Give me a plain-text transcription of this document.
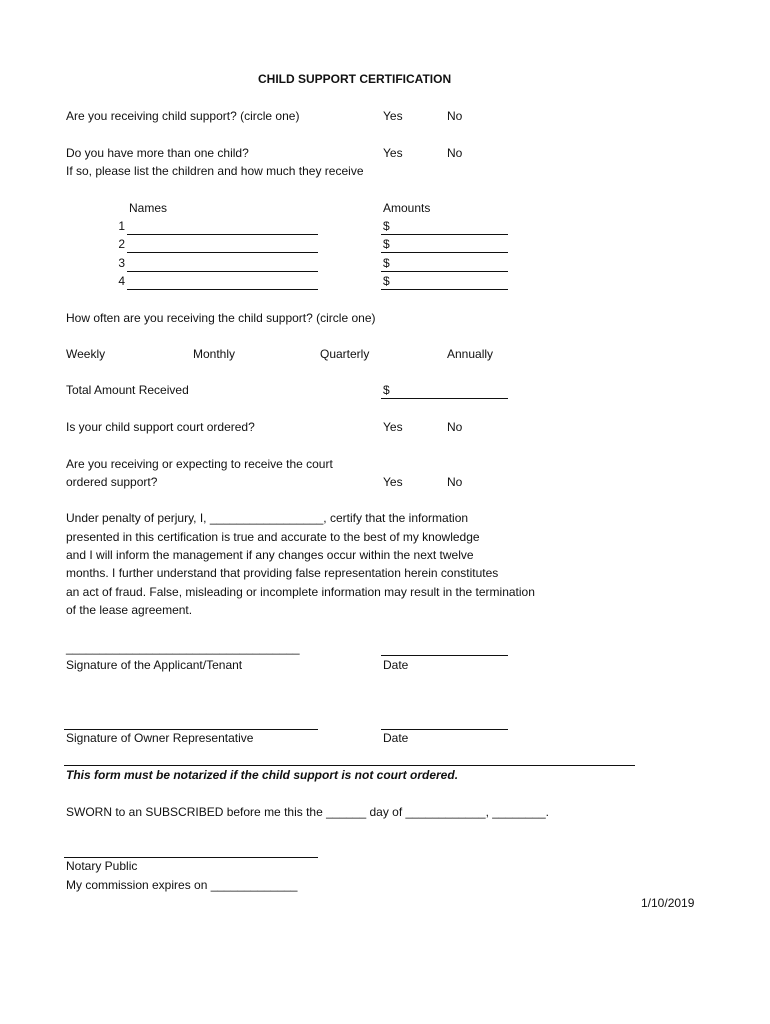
CHILD SUPPORT CERTIFICATION
Are you receiving child support? (circle one)	Yes	No
Do you have more than one child?	Yes	No
If so, please list the children and how much they receive
Names	Amounts
1	$
2	$
3	$
4	$
How often are you receiving the child support? (circle one)
Weekly	Monthly	Quarterly	Annually
Total Amount Received	$
Is your child support court ordered?	Yes	No
Are you receiving or expecting to receive the court
ordered support?	Yes	No
Under penalty of perjury, I, _________________, certify that the information
presented in this certification is true and accurate to the best of my knowledge
and I will inform the management if any changes occur within the next twelve
months. I further understand that providing false representation herein constitutes
an act of fraud. False, misleading or incomplete information may result in the termination
of the lease agreement.
___________________________________
Signature of the Applicant/Tenant	Date
Signature of Owner Representative	Date
This form must be notarized if the child support is not court ordered.
SWORN to an SUBSCRIBED before me this the ______ day of ____________, ________.
Notary Public
My commission expires on _____________
1/10/2019
